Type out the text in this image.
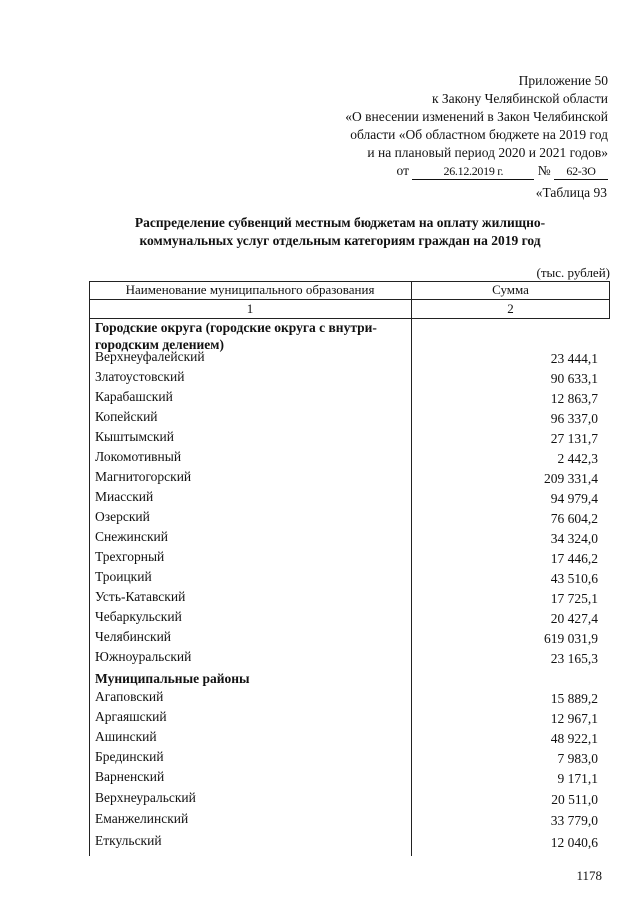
Приложение 50
к Закону Челябинской области
«О внесении изменений в Закон Челябинской
области «Об областном бюджете на 2019 год
и на плановый период 2020 и 2021 годов»
от	26.12.2019 г.	№ 62-ЗО
«Таблица 93
Распределение субвенций местным бюджетам на оплату жилищно-
коммунальных услуг отдельным категориям граждан на 2019 год
(тыс. рублей)
Наименование муниципального образования	Сумма
1	2
Городские округа (городские округа с внутри-
городским делением)
Верхнеуфалейский	23 444,1
Златоустовский	90 633,1
Карабашский	12 863,7
Копейский	96 337,0
Кыштымский	27 131,7
Локомотивный	2 442,3
Магнитогорский	209 331,4
Миасский	94 979,4
Озерский	76 604,2
Снежинский	34 324,0
Трехгорный	17 446,2
Троицкий	43 510,6
Усть-Катавский	17 725,1
Чебаркульский	20 427,4
Челябинский	619 031,9
Южноуральский	23 165,3
Муниципальные районы
Агаповский	15 889,2
Аргаяшский	12 967,1
Ашинский	48 922,1
Брединский	7 983,0
Варненский	9 171,1
Верхнеуральский	20 511,0
Еманжелинский	33 779,0
Еткульский	12 040,6
1178
